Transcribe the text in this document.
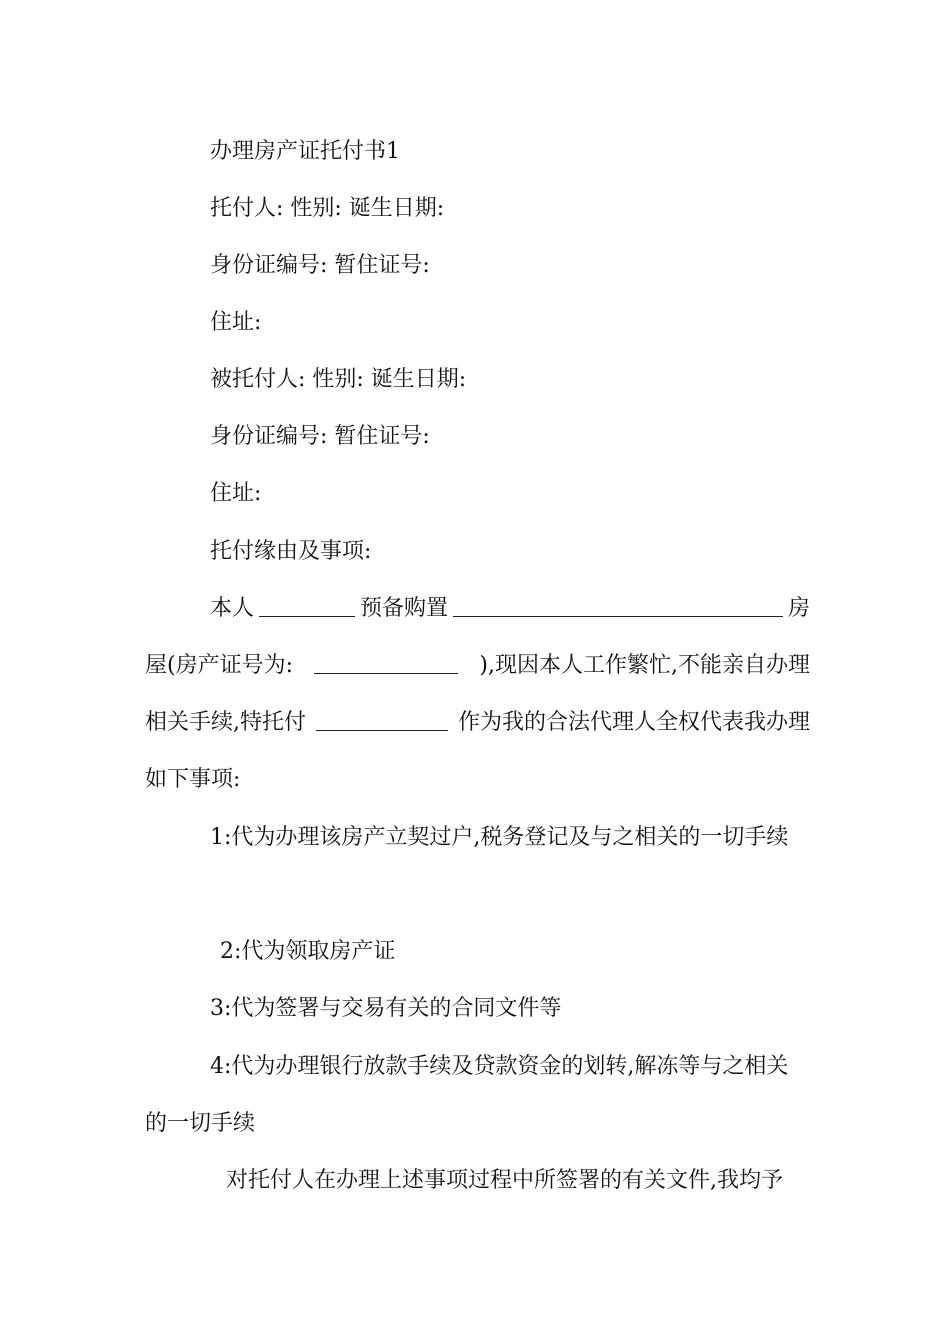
办理房产证托付书1
托付人: 性别: 诞生日期:
身份证编号: 暂住证号:
住址:
被托付人: 性别: 诞生日期:
身份证编号: 暂住证号:
住址:
托付缘由及事项:
本人	预备购置	房
屋(房产证号为:	),现因本人工作繁忙,不能亲自办理
相关手续,特托付	作为我的合法代理人全权代表我办理
如下事项:
1:代为办理该房产立契过户,税务登记及与之相关的一切手续
2:代为领取房产证
3:代为签署与交易有关的合同文件等
4:代为办理银行放款手续及贷款资金的划转,解冻等与之相关
的一切手续
对托付人在办理上述事项过程中所签署的有关文件,我均予
